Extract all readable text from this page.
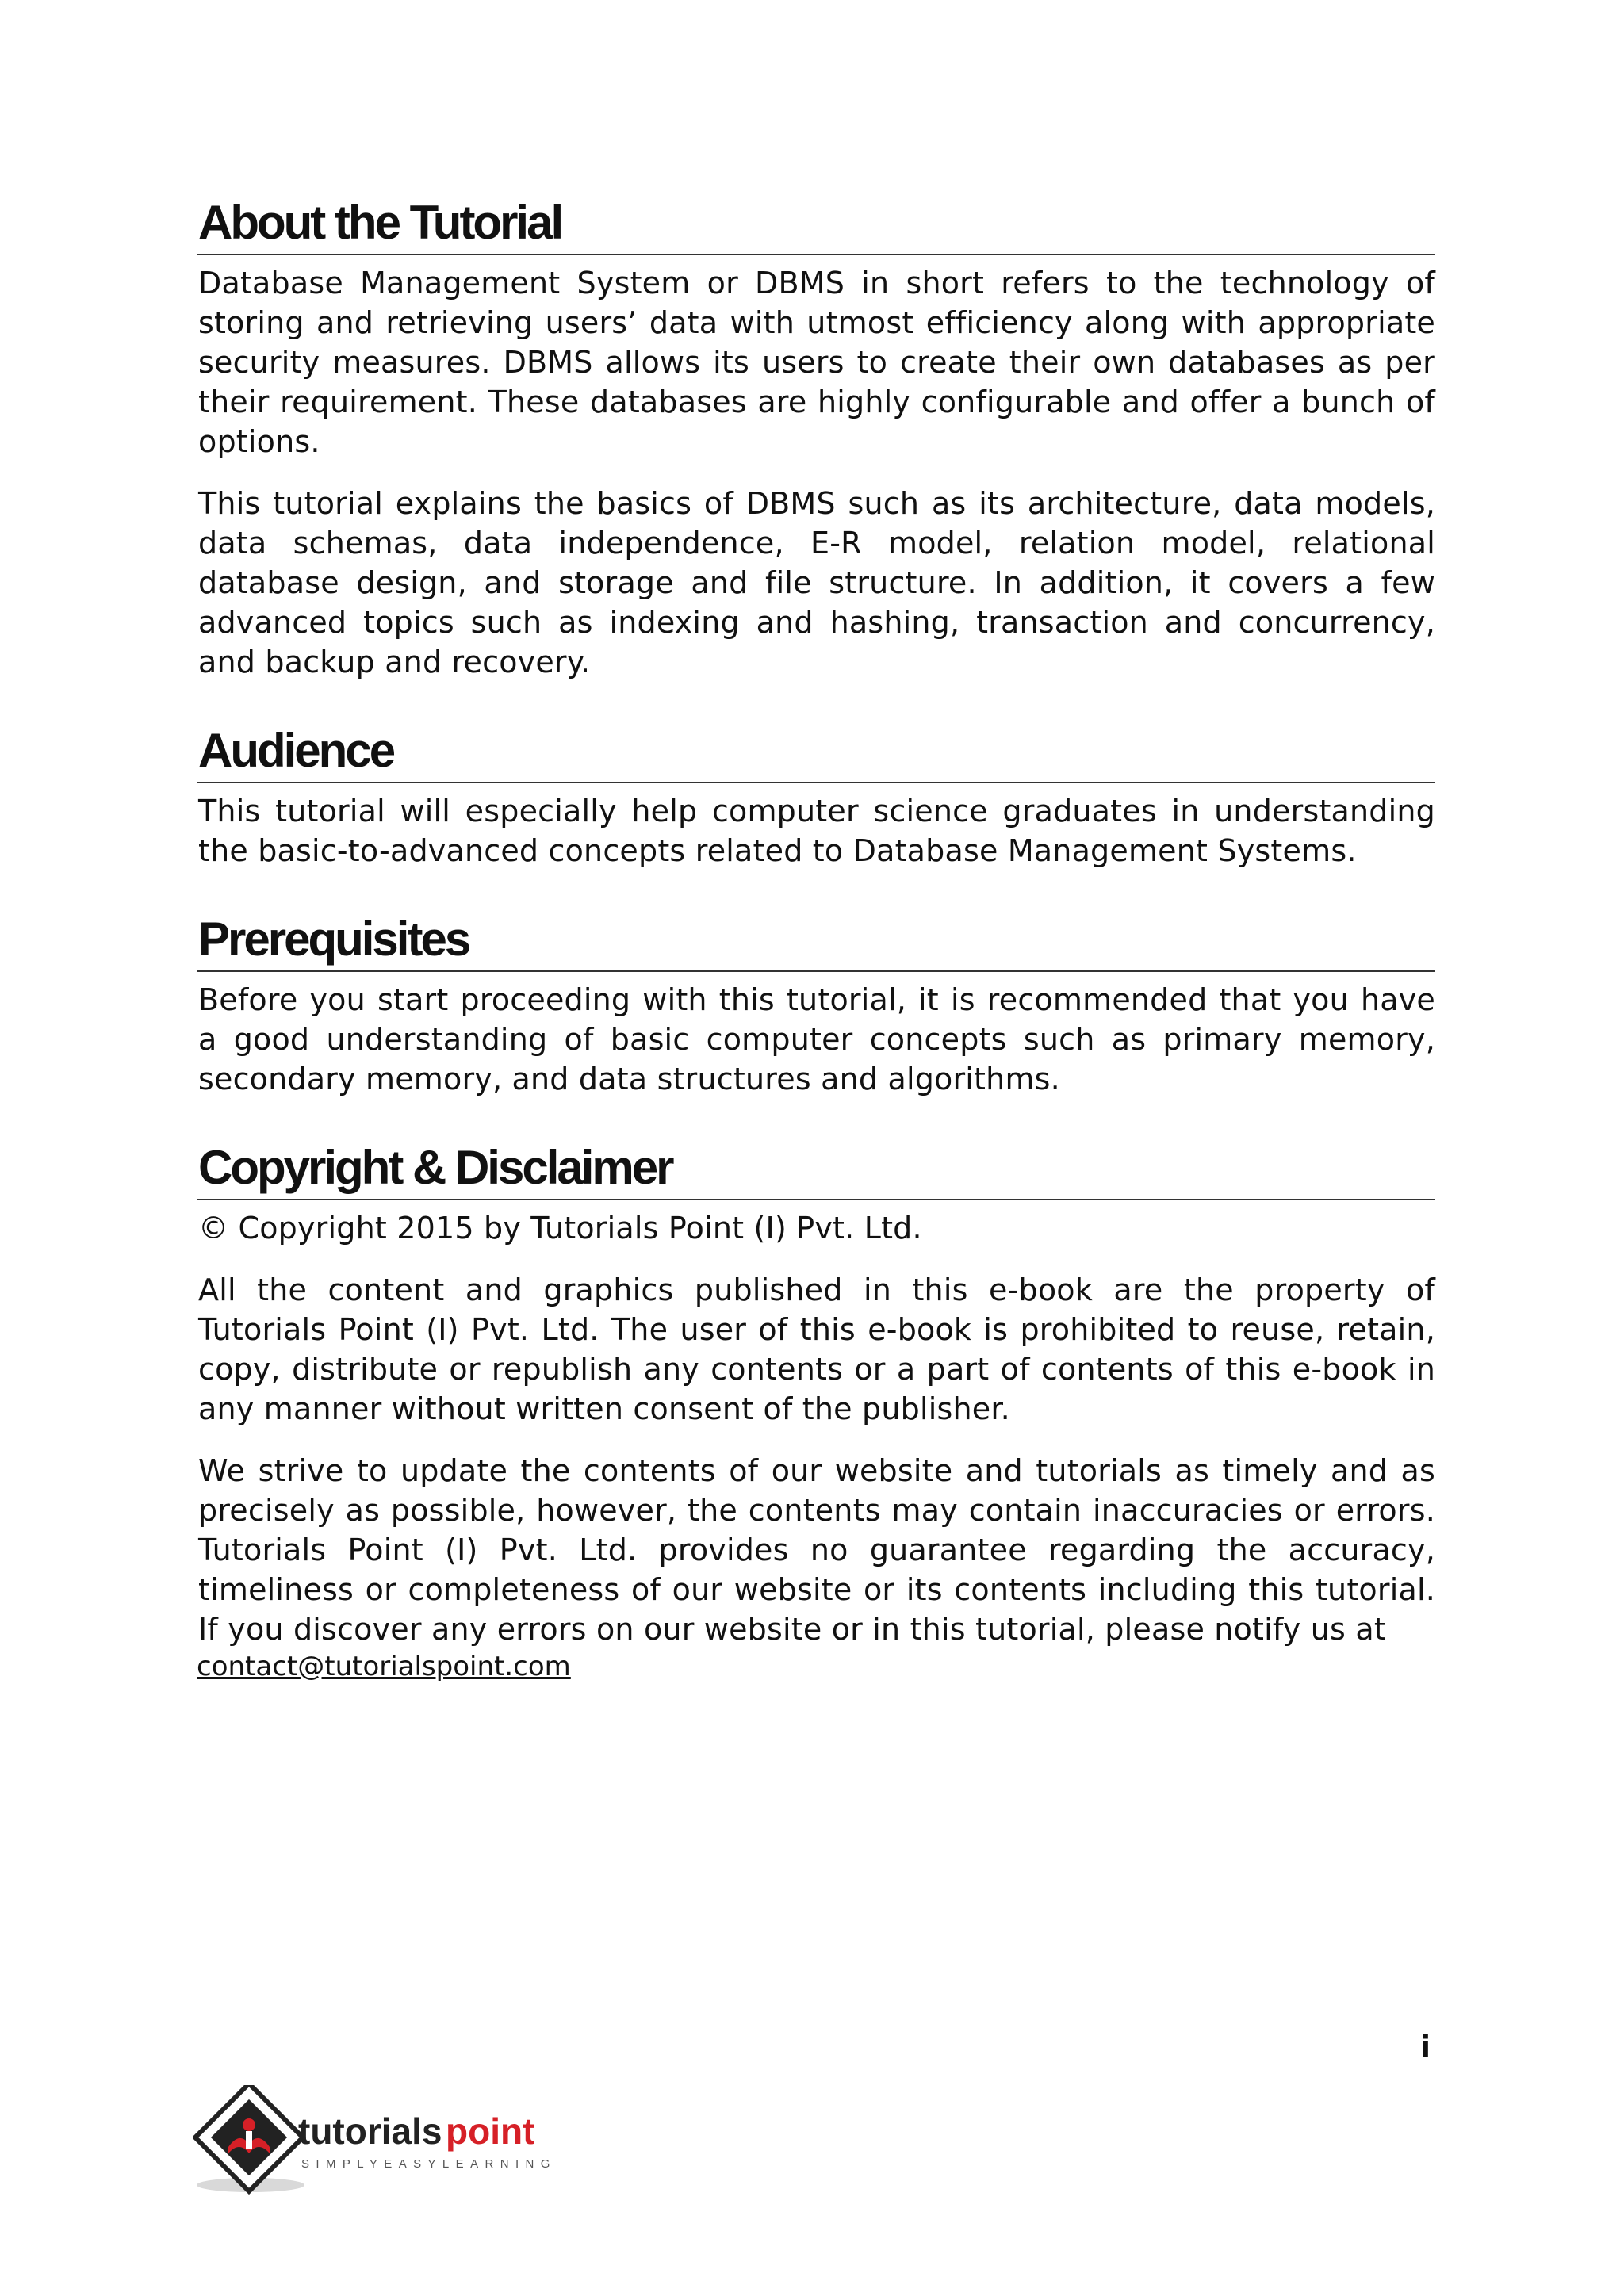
About the Tutorial

Database Management System or DBMS in short refers to the technology of storing and retrieving users’ data with utmost efficiency along with appropriate security measures. DBMS allows its users to create their own databases as per their requirement. These databases are highly configurable and offer a bunch of options.

This tutorial explains the basics of DBMS such as its architecture, data models, data schemas, data independence, E-R model, relation model, relational database design, and storage and file structure. In addition, it covers a few advanced topics such as indexing and hashing, transaction and concurrency, and backup and recovery.

Audience

This tutorial will especially help computer science graduates in understanding the basic-to-advanced concepts related to Database Management Systems.

Prerequisites

Before you start proceeding with this tutorial, it is recommended that you have a good understanding of basic computer concepts such as primary memory, secondary memory, and data structures and algorithms.

Copyright & Disclaimer

© Copyright 2015 by Tutorials Point (I) Pvt. Ltd.

All the content and graphics published in this e-book are the property of Tutorials Point (I) Pvt. Ltd. The user of this e-book is prohibited to reuse, retain, copy, distribute or republish any contents or a part of contents of this e-book in any manner without written consent of the publisher.

We strive to update the contents of our website and tutorials as timely and as precisely as possible, however, the contents may contain inaccuracies or errors. Tutorials Point (I) Pvt. Ltd. provides no guarantee regarding the accuracy, timeliness or completeness of our website or its contents including this tutorial. If you discover any errors on our website or in this tutorial, please notify us at

contact@tutorialspoint.com
i
tutorials point
SIMPLYEASYLEARNING
